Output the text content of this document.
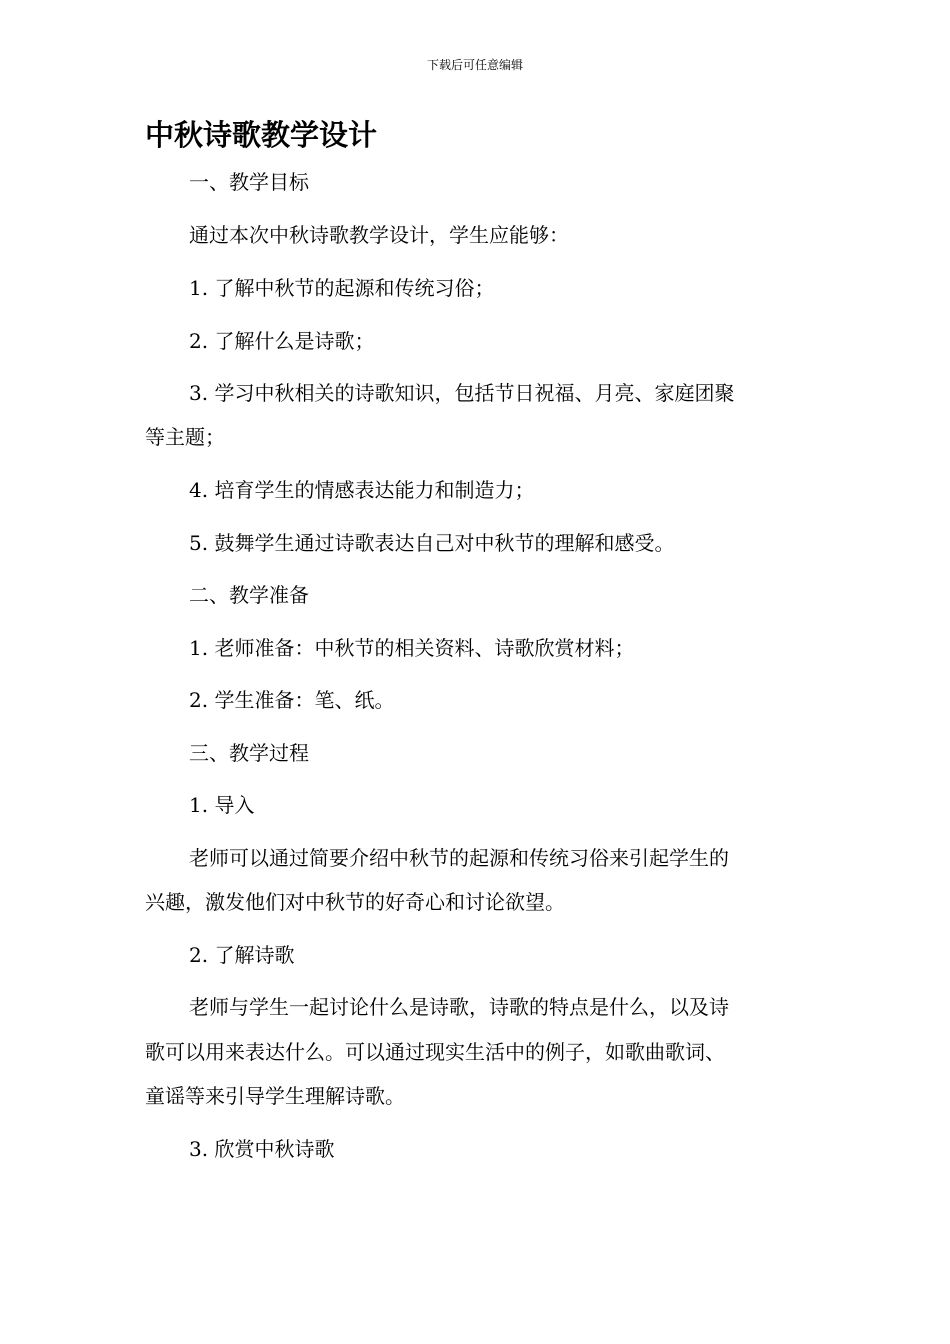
下载后可任意编辑
中秋诗歌教学设计
一、教学目标
通过本次中秋诗歌教学设计，学生应能够：
1. 了解中秋节的起源和传统习俗；
2. 了解什么是诗歌；
3. 学习中秋相关的诗歌知识，包括节日祝福、月亮、家庭团聚
等主题；
4. 培育学生的情感表达能力和制造力；
5. 鼓舞学生通过诗歌表达自己对中秋节的理解和感受。
二、教学准备
1. 老师准备：中秋节的相关资料、诗歌欣赏材料；
2. 学生准备：笔、纸。
三、教学过程
1. 导入
老师可以通过简要介绍中秋节的起源和传统习俗来引起学生的
兴趣，激发他们对中秋节的好奇心和讨论欲望。
2. 了解诗歌
老师与学生一起讨论什么是诗歌，诗歌的特点是什么，以及诗
歌可以用来表达什么。可以通过现实生活中的例子，如歌曲歌词、
童谣等来引导学生理解诗歌。
3. 欣赏中秋诗歌
